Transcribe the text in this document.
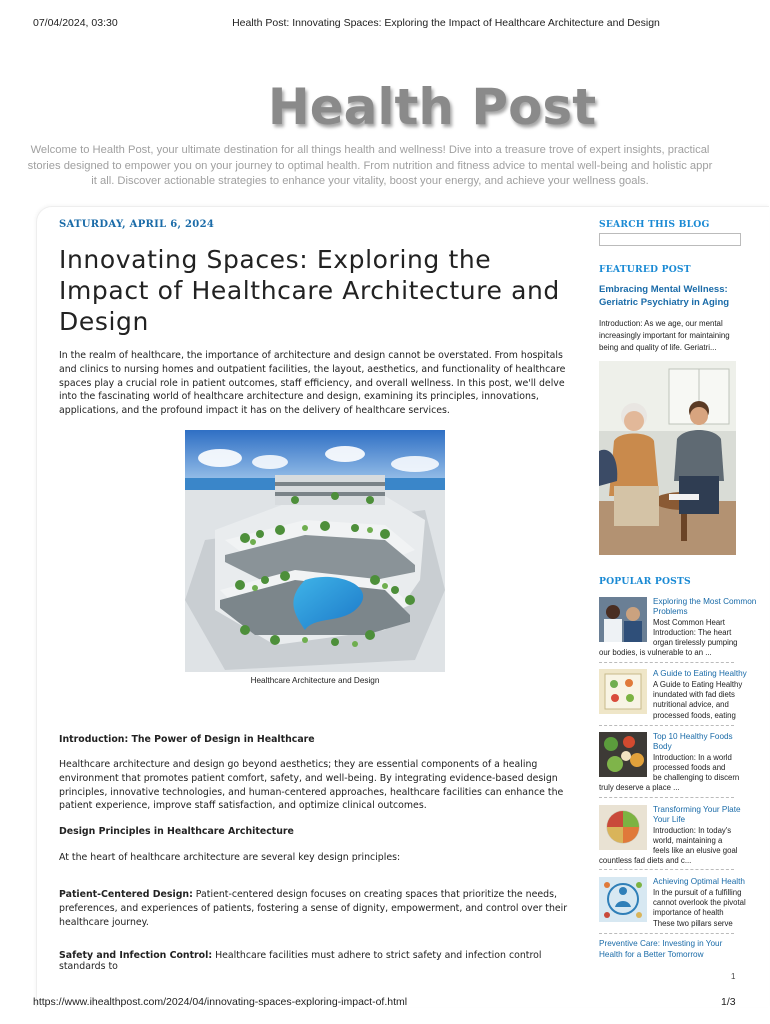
07/04/2024, 03:30	Health Post: Innovating Spaces: Exploring the Impact of Healthcare Architecture and Design
Health Post
Welcome to Health Post, your ultimate destination for all things health and wellness! Dive into a treasure trove of expert insights, practical
stories designed to empower you on your journey to optimal health. From nutrition and fitness advice to mental well-being and holistic appr
it all. Discover actionable strategies to enhance your vitality, boost your energy, and achieve your wellness goals.
SATURDAY, APRIL 6, 2024
Innovating Spaces: Exploring the Impact of Healthcare Architecture and Design
In the realm of healthcare, the importance of architecture and design cannot be overstated. From hospitals and clinics to nursing homes and outpatient facilities, the layout, aesthetics, and functionality of healthcare spaces play a crucial role in patient outcomes, staff efficiency, and overall wellness. In this post, we'll delve into the fascinating world of healthcare architecture and design, examining its principles, innovations, applications, and the profound impact it has on the delivery of healthcare services.
Healthcare Architecture and Design
Introduction: The Power of Design in Healthcare
Healthcare architecture and design go beyond aesthetics; they are essential components of a healing environment that promotes patient comfort, safety, and well-being. By integrating evidence-based design principles, innovative technologies, and human-centered approaches, healthcare facilities can enhance the patient experience, improve staff satisfaction, and optimize clinical outcomes.
Design Principles in Healthcare Architecture
At the heart of healthcare architecture are several key design principles:
Patient-Centered Design: Patient-centered design focuses on creating spaces that prioritize the needs, preferences, and experiences of patients, fostering a sense of dignity, empowerment, and control over their healthcare journey.
Safety and Infection Control: Healthcare facilities must adhere to strict safety and infection control standards to
SEARCH THIS BLOG
FEATURED POST
Embracing Mental Wellness:
Geriatric Psychiatry in Aging
Introduction: As we age, our mental
increasingly important for maintaining
being and quality of life. Geriatri...
POPULAR POSTS
Exploring the Most Common
Problems
Most Common Heart
Introduction: The heart
organ tirelessly pumping
our bodies, is vulnerable to an ...
A Guide to Eating Healthy
A Guide to Eating Healthy
inundated with fad diets
nutritional advice, and
processed foods, eating
Top 10 Healthy Foods
Body
Introduction: In a world
processed foods and
be challenging to discern
truly deserve a place ...
Transforming Your Plate
Your Life
Introduction: In today's
world, maintaining a
feels like an elusive goal
countless fad diets and c...
Achieving Optimal Health
In the pursuit of a fulfilling
cannot overlook the pivotal
importance of health
These two pillars serve
Preventive Care: Investing in Your Health for a Better Tomorrow
1
https://www.ihealthpost.com/2024/04/innovating-spaces-exploring-impact-of.html	1/3
